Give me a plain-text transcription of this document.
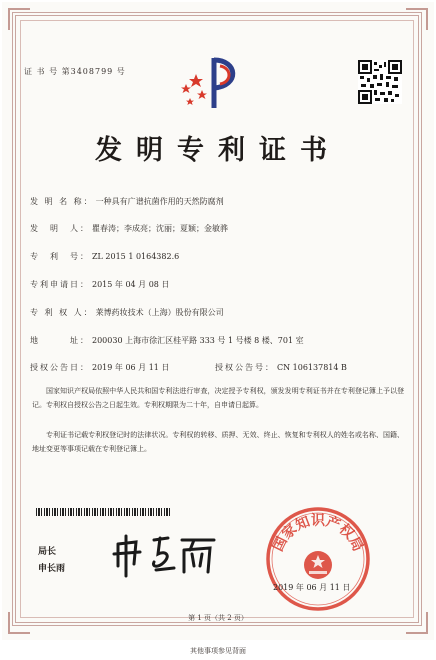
证 书 号 第3408799 号
发明专利证书
发 明 名 称： 一种具有广谱抗菌作用的天然防腐剂
发　明　人： 瞿春涛；李成亮；沈丽；夏颖；金敏骅
专　利　号： ZL 2015 1 0164382.6
专利申请日： 2015 年 04 月 08 日
专 利 权 人： 莱博药妆技术（上海）股份有限公司
地　　　址： 200030 上海市徐汇区桂平路 333 号 1 号楼 8 楼、701 室
授权公告日： 2019 年 06 月 11 日	授权公告号： CN 106137814 B
国家知识产权局依照中华人民共和国专利法进行审查，决定授予专利权，颁发发明专利证书并在专利登记簿上予以登记。专利权自授权公告之日起生效。专利权期限为二十年，自申请日起算。
专利证书记载专利权登记时的法律状况。专利权的转移、质押、无效、终止、恢复和专利权人的姓名或名称、国籍、地址变更等事项记载在专利登记簿上。
局长
申长雨
国家知识产权局
2019 年 06 月 11 日
第 1 页（共 2 页）
其他事项参见背面
